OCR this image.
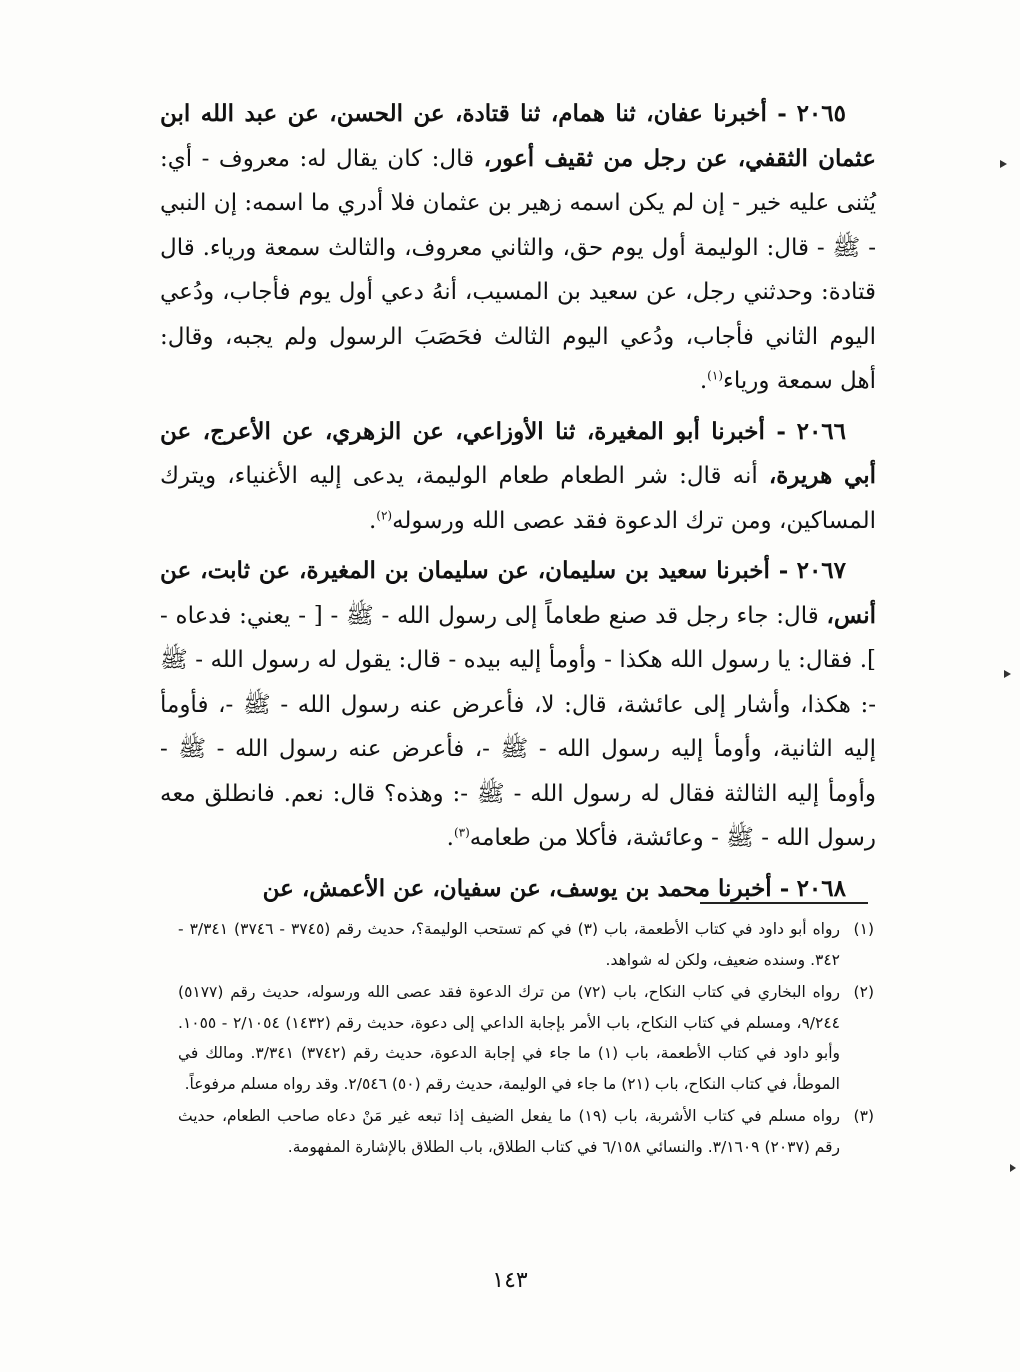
٢٠٦٥ - أخبرنا عفان، ثنا همام، ثنا قتادة، عن الحسن، عن عبد الله ابن عثمان الثقفي، عن رجل من ثقيف أعور، قال: كان يقال له: معروف - أي: يُثنى عليه خير - إن لم يكن اسمه زهير بن عثمان فلا أدري ما اسمه: إن النبي - ﷺ - قال: الوليمة أول يوم حق، والثاني معروف، والثالث سمعة ورياء. قال قتادة: وحدثني رجل، عن سعيد بن المسيب، أنهُ دعي أول يوم فأجاب، ودُعي اليوم الثاني فأجاب، ودُعي اليوم الثالث فحَصَبَ الرسول ولم يجبه، وقال: أهل سمعة ورياء$^{(١)}$.

٢٠٦٦ - أخبرنا أبو المغيرة، ثنا الأوزاعي، عن الزهري، عن الأعرج، عن أبي هريرة، أنه قال: شر الطعام طعام الوليمة، يدعى إليه الأغنياء، ويترك المساكين، ومن ترك الدعوة فقد عصى الله ورسوله$^{(٢)}$.

٢٠٦٧ - أخبرنا سعيد بن سليمان، عن سليمان بن المغيرة، عن ثابت، عن أنس، قال: جاء رجل قد صنع طعاماً إلى رسول الله - ﷺ - [ - يعني: فدعاه - ]. فقال: يا رسول الله هكذا - وأومأ إليه بيده - قال: يقول له رسول الله - ﷺ -: هكذا، وأشار إلى عائشة، قال: لا، فأعرض عنه رسول الله - ﷺ -، فأومأ إليه الثانية، وأومأ إليه رسول الله - ﷺ -، فأعرض عنه رسول الله - ﷺ - وأومأ إليه الثالثة فقال له رسول الله - ﷺ -: وهذه؟ قال: نعم. فانطلق معه رسول الله - ﷺ - وعائشة، فأكلا من طعامه$^{(٣)}$.

٢٠٦٨ - أخبرنا محمد بن يوسف، عن سفيان، عن الأعمش، عن

(١)
رواه أبو داود في كتاب الأطعمة، باب (٣) في كم تستحب الوليمة؟، حديث رقم (٣٧٤٥ - ٣٧٤٦) ٣/٣٤١ - ٣٤٢. وسنده ضعيف، ولكن له شواهد.
(٢)
رواه البخاري في كتاب النكاح، باب (٧٢) من ترك الدعوة فقد عصى الله ورسوله، حديث رقم (٥١٧٧) ٩/٢٤٤، ومسلم في كتاب النكاح، باب الأمر بإجابة الداعي إلى دعوة، حديث رقم (١٤٣٢) ٢/١٠٥٤ - ١٠٥٥. وأبو داود في كتاب الأطعمة، باب (١) ما جاء في إجابة الدعوة، حديث رقم (٣٧٤٢) ٣/٣٤١. ومالك في الموطأ، في كتاب النكاح، باب (٢١) ما جاء في الوليمة، حديث رقم (٥٠) ٢/٥٤٦. وقد رواه مسلم مرفوعاً.
(٣)
رواه مسلم في كتاب الأشربة، باب (١٩) ما يفعل الضيف إذا تبعه غير مَنْ دعاه صاحب الطعام، حديث رقم (٢٠٣٧) ٣/١٦٠٩. والنسائي ٦/١٥٨ في كتاب الطلاق، باب الطلاق بالإشارة المفهومة.
١٤٣
